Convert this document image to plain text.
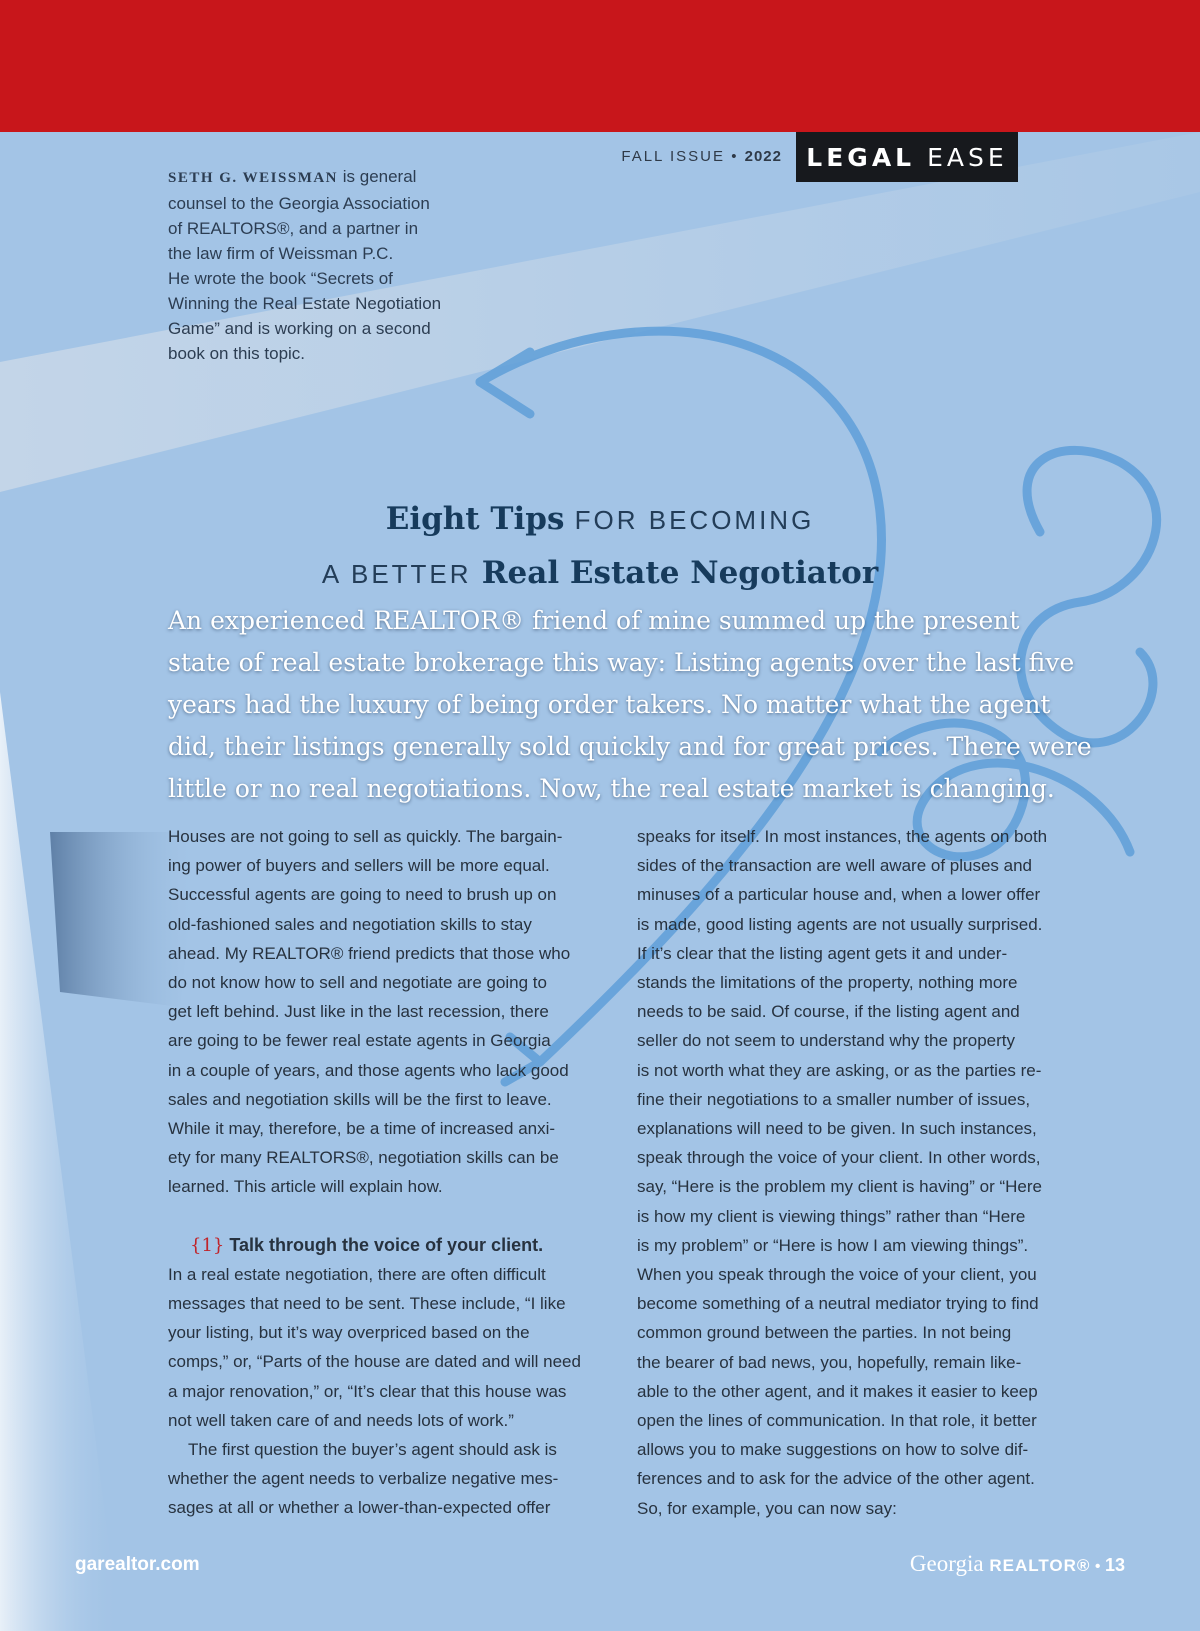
FALL ISSUE • 2022 LEGAL EASE
SETH G. WEISSMAN is general
counsel to the Georgia Association
of REALTORS®, and a partner in
the law firm of Weissman P.C.
He wrote the book “Secrets of
Winning the Real Estate Negotiation
Game” and is working on a second
book on this topic.
Eight Tips FOR BECOMING
A BETTER Real Estate Negotiator

An experienced REALTOR® friend of mine summed up the present

state of real estate brokerage this way: Listing agents over the last five

years had the luxury of being order takers. No matter what the agent

did, their listings generally sold quickly and for great prices. There were

little or no real negotiations. Now, the real estate market is changing.

Houses are not going to sell as quickly. The bargain-

ing power of buyers and sellers will be more equal.

Successful agents are going to need to brush up on

old-fashioned sales and negotiation skills to stay

ahead. My REALTOR® friend predicts that those who

do not know how to sell and negotiate are going to

get left behind. Just like in the last recession, there

are going to be fewer real estate agents in Georgia

in a couple of years, and those agents who lack good

sales and negotiation skills will be the first to leave.

While it may, therefore, be a time of increased anxi-

ety for many REALTORS®, negotiation skills can be

learned. This article will explain how.

{1} Talk through the voice of your client.

In a real estate negotiation, there are often difficult

messages that need to be sent. These include, “I like

your listing, but it’s way overpriced based on the

comps,” or, “Parts of the house are dated and will need

a major renovation,” or, “It’s clear that this house was

not well taken care of and needs lots of work.”

The first question the buyer’s agent should ask is

whether the agent needs to verbalize negative mes-

sages at all or whether a lower-than-expected offer

speaks for itself. In most instances, the agents on both

sides of the transaction are well aware of pluses and

minuses of a particular house and, when a lower offer

is made, good listing agents are not usually surprised.

If it’s clear that the listing agent gets it and under-

stands the limitations of the property, nothing more

needs to be said. Of course, if the listing agent and

seller do not seem to understand why the property

is not worth what they are asking, or as the parties re-

fine their negotiations to a smaller number of issues,

explanations will need to be given. In such instances,

speak through the voice of your client. In other words,

say, “Here is the problem my client is having” or “Here

is how my client is viewing things” rather than “Here

is my problem” or “Here is how I am viewing things”.

When you speak through the voice of your client, you

become something of a neutral mediator trying to find

common ground between the parties. In not being

the bearer of bad news, you, hopefully, remain like-

able to the other agent, and it makes it easier to keep

open the lines of communication. In that role, it better

allows you to make suggestions on how to solve dif-

ferences and to ask for the advice of the other agent.

So, for example, you can now say:

garealtor.com	Georgia REALTOR® • 13
